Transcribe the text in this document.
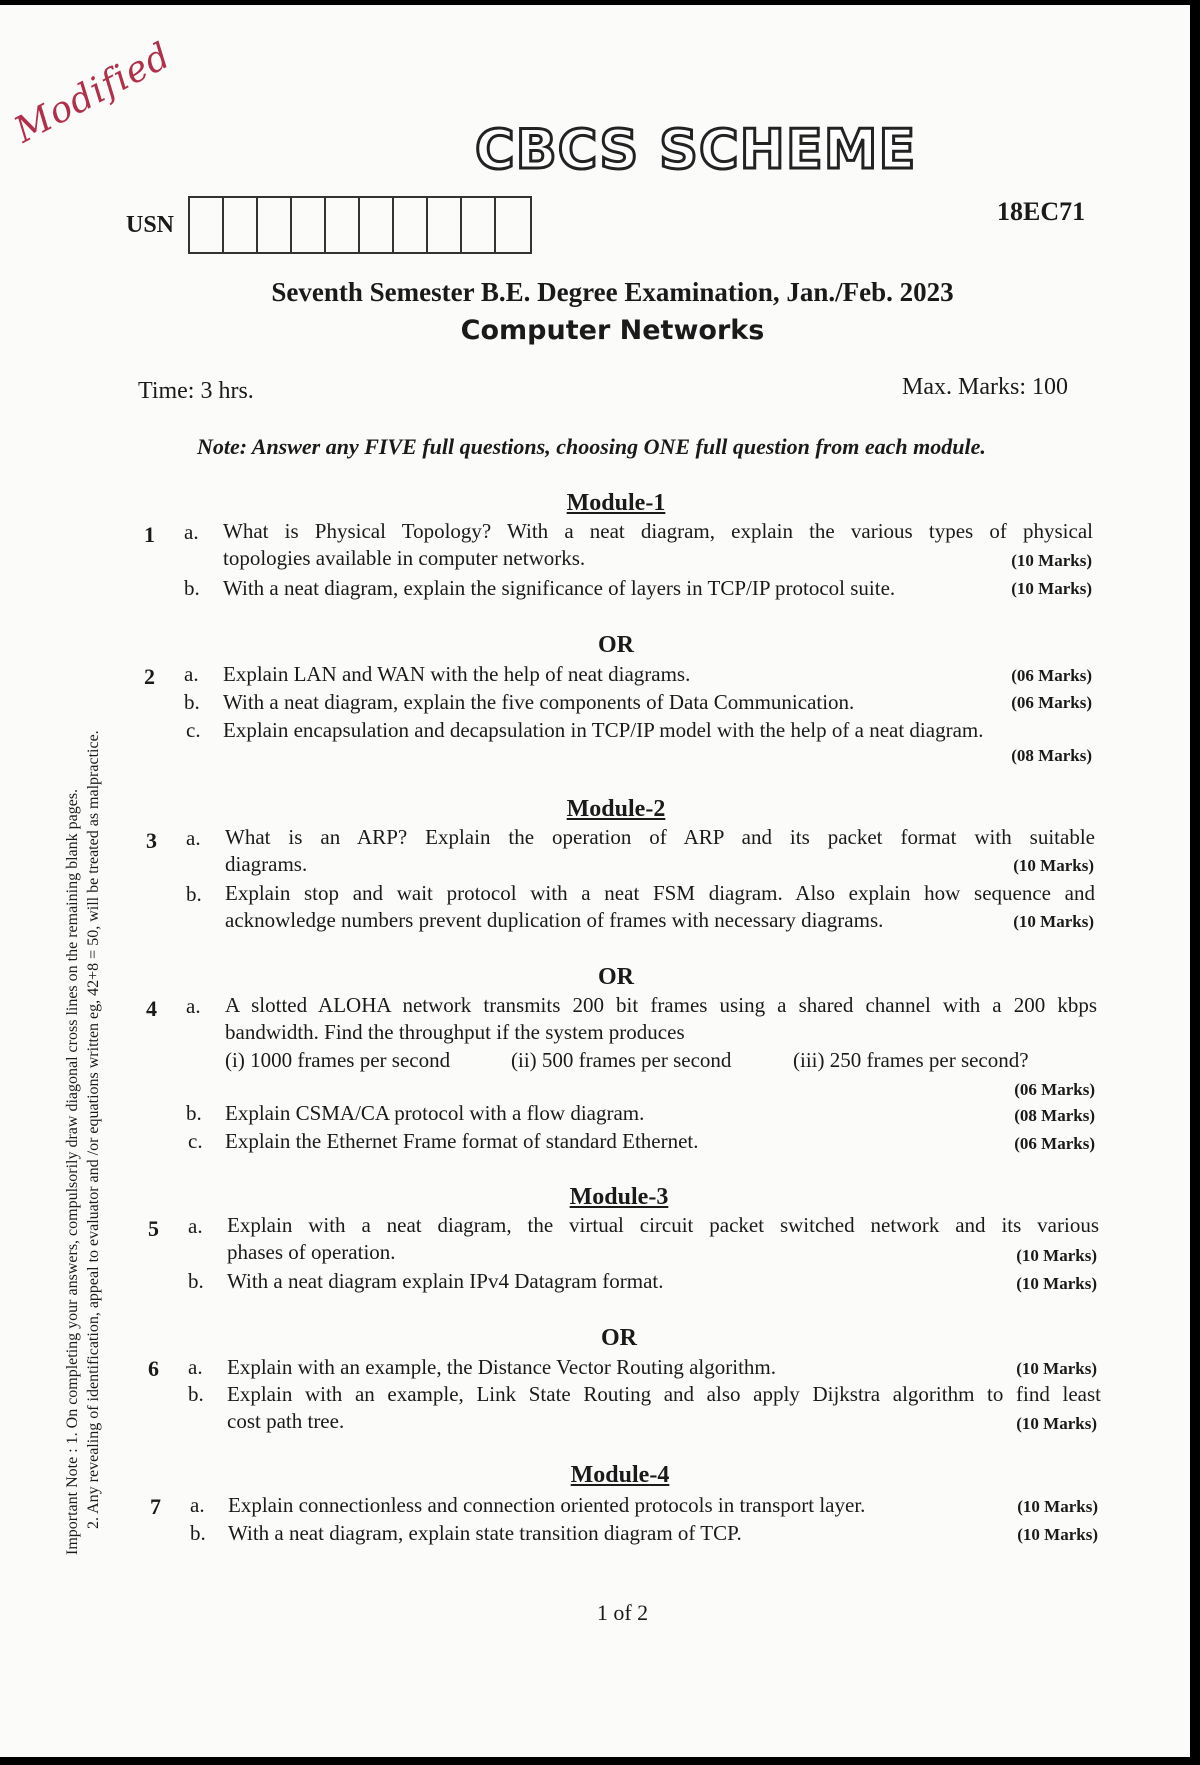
Modified	CBCS SCHEME
USN	18EC71
Seventh Semester B.E. Degree Examination, Jan./Feb. 2023
Computer Networks
Time: 3 hrs.	Max. Marks: 100
Note: Answer any FIVE full questions, choosing ONE full question from each module.
Important Note : 1. On completing your answers, compulsorily draw diagonal cross lines on the remaining blank pages. 2. Any revealing of identification, appeal to evaluator and /or equations written eg, 42+8 = 50, will be treated as malpractice.
Module-1
1 a. What is Physical Topology? With a neat diagram, explain the various types of physical
topologies available in computer networks.	(10 Marks)
b. With a neat diagram, explain the significance of layers in TCP/IP protocol suite.	(10 Marks)
OR
2 a. Explain LAN and WAN with the help of neat diagrams.	(06 Marks)
b. With a neat diagram, explain the five components of Data Communication.	(06 Marks)
c. Explain encapsulation and decapsulation in TCP/IP model with the help of a neat diagram.
(08 Marks)
Module-2
3 a. What is an ARP? Explain the operation of ARP and its packet format with suitable
diagrams.	(10 Marks)
b. Explain stop and wait protocol with a neat FSM diagram. Also explain how sequence and
acknowledge numbers prevent duplication of frames with necessary diagrams.	(10 Marks)
OR
4 a. A slotted ALOHA network transmits 200 bit frames using a shared channel with a 200 kbps
bandwidth. Find the throughput if the system produces
(i) 1000 frames per second	(ii) 500 frames per second	(iii) 250 frames per second?
(06 Marks)
b. Explain CSMA/CA protocol with a flow diagram.	(08 Marks)
c. Explain the Ethernet Frame format of standard Ethernet.	(06 Marks)
Module-3
5 a. Explain with a neat diagram, the virtual circuit packet switched network and its various
phases of operation.	(10 Marks)
b. With a neat diagram explain IPv4 Datagram format.	(10 Marks)
OR
6 a. Explain with an example, the Distance Vector Routing algorithm.	(10 Marks)
b. Explain with an example, Link State Routing and also apply Dijkstra algorithm to find least
cost path tree.	(10 Marks)
Module-4
7 a. Explain connectionless and connection oriented protocols in transport layer.	(10 Marks)
b. With a neat diagram, explain state transition diagram of TCP.	(10 Marks)
1 of 2
